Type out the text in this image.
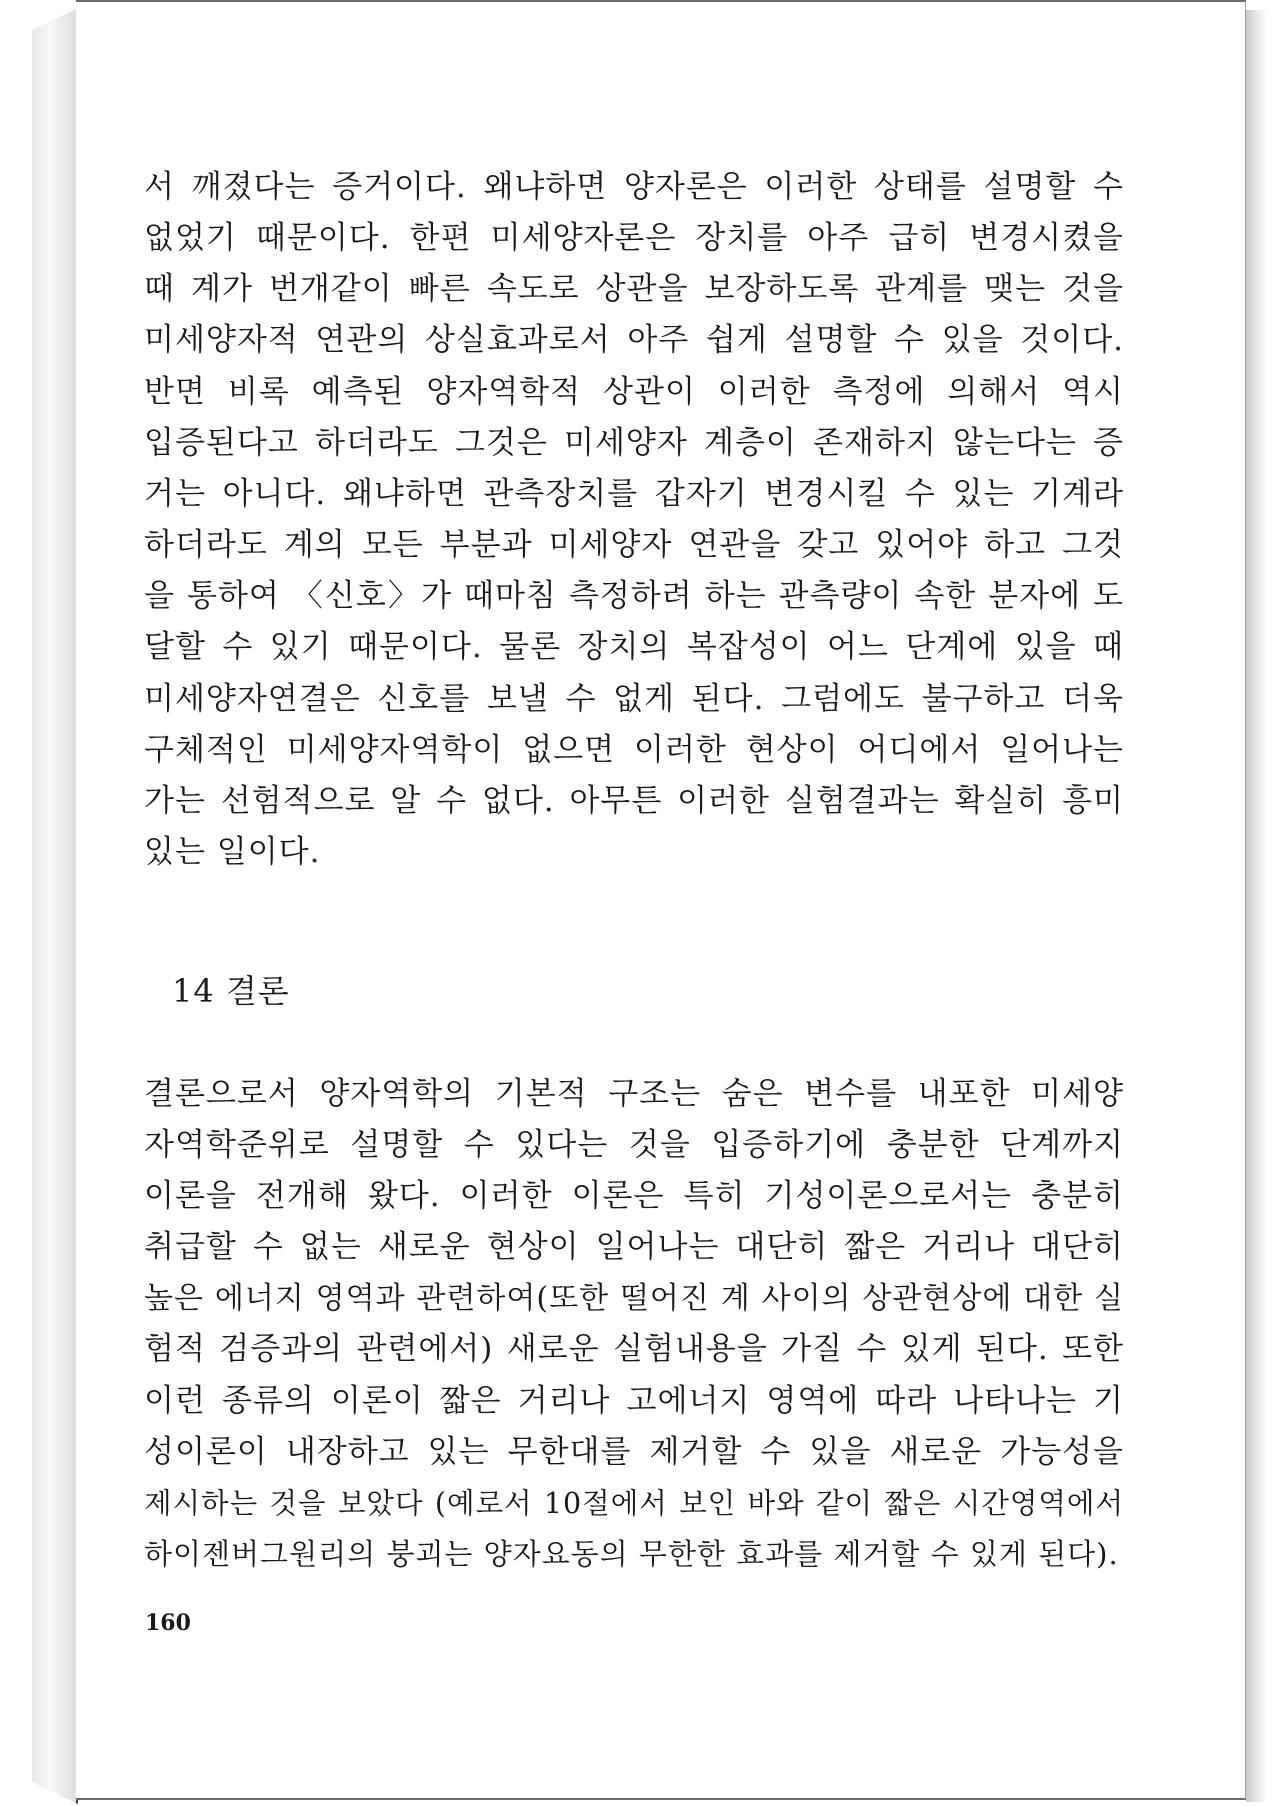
서 깨졌다는 증거이다. 왜냐하면 양자론은 이러한 상태를 설명할 수
없었기 때문이다. 한편 미세양자론은 장치를 아주 급히 변경시켰을
때 계가 번개같이 빠른 속도로 상관을 보장하도록 관계를 맺는 것을
미세양자적 연관의 상실효과로서 아주 쉽게 설명할 수 있을 것이다.
반면 비록 예측된 양자역학적 상관이 이러한 측정에 의해서 역시
입증된다고 하더라도 그것은 미세양자 계층이 존재하지 않는다는 증
거는 아니다. 왜냐하면 관측장치를 갑자기 변경시킬 수 있는 기계라
하더라도 계의 모든 부분과 미세양자 연관을 갖고 있어야 하고 그것
을 통하여 〈신호〉가 때마침 측정하려 하는 관측량이 속한 분자에 도
달할 수 있기 때문이다. 물론 장치의 복잡성이 어느 단계에 있을 때
미세양자연결은 신호를 보낼 수 없게 된다. 그럼에도 불구하고 더욱
구체적인 미세양자역학이 없으면 이러한 현상이 어디에서 일어나는
가는 선험적으로 알 수 없다. 아무튼 이러한 실험결과는 확실히 흥미
있는 일이다.
14 결론
결론으로서 양자역학의 기본적 구조는 숨은 변수를 내포한 미세양
자역학준위로 설명할 수 있다는 것을 입증하기에 충분한 단계까지
이론을 전개해 왔다. 이러한 이론은 특히 기성이론으로서는 충분히
취급할 수 없는 새로운 현상이 일어나는 대단히 짧은 거리나 대단히
높은 에너지 영역과 관련하여(또한 떨어진 계 사이의 상관현상에 대한 실
험적 검증과의 관련에서) 새로운 실험내용을 가질 수 있게 된다. 또한
이런 종류의 이론이 짧은 거리나 고에너지 영역에 따라 나타나는 기
성이론이 내장하고 있는 무한대를 제거할 수 있을 새로운 가능성을
제시하는 것을 보았다 (예로서 10절에서 보인 바와 같이 짧은 시간영역에서
하이젠버그원리의 붕괴는 양자요동의 무한한 효과를 제거할 수 있게 된다).

160
